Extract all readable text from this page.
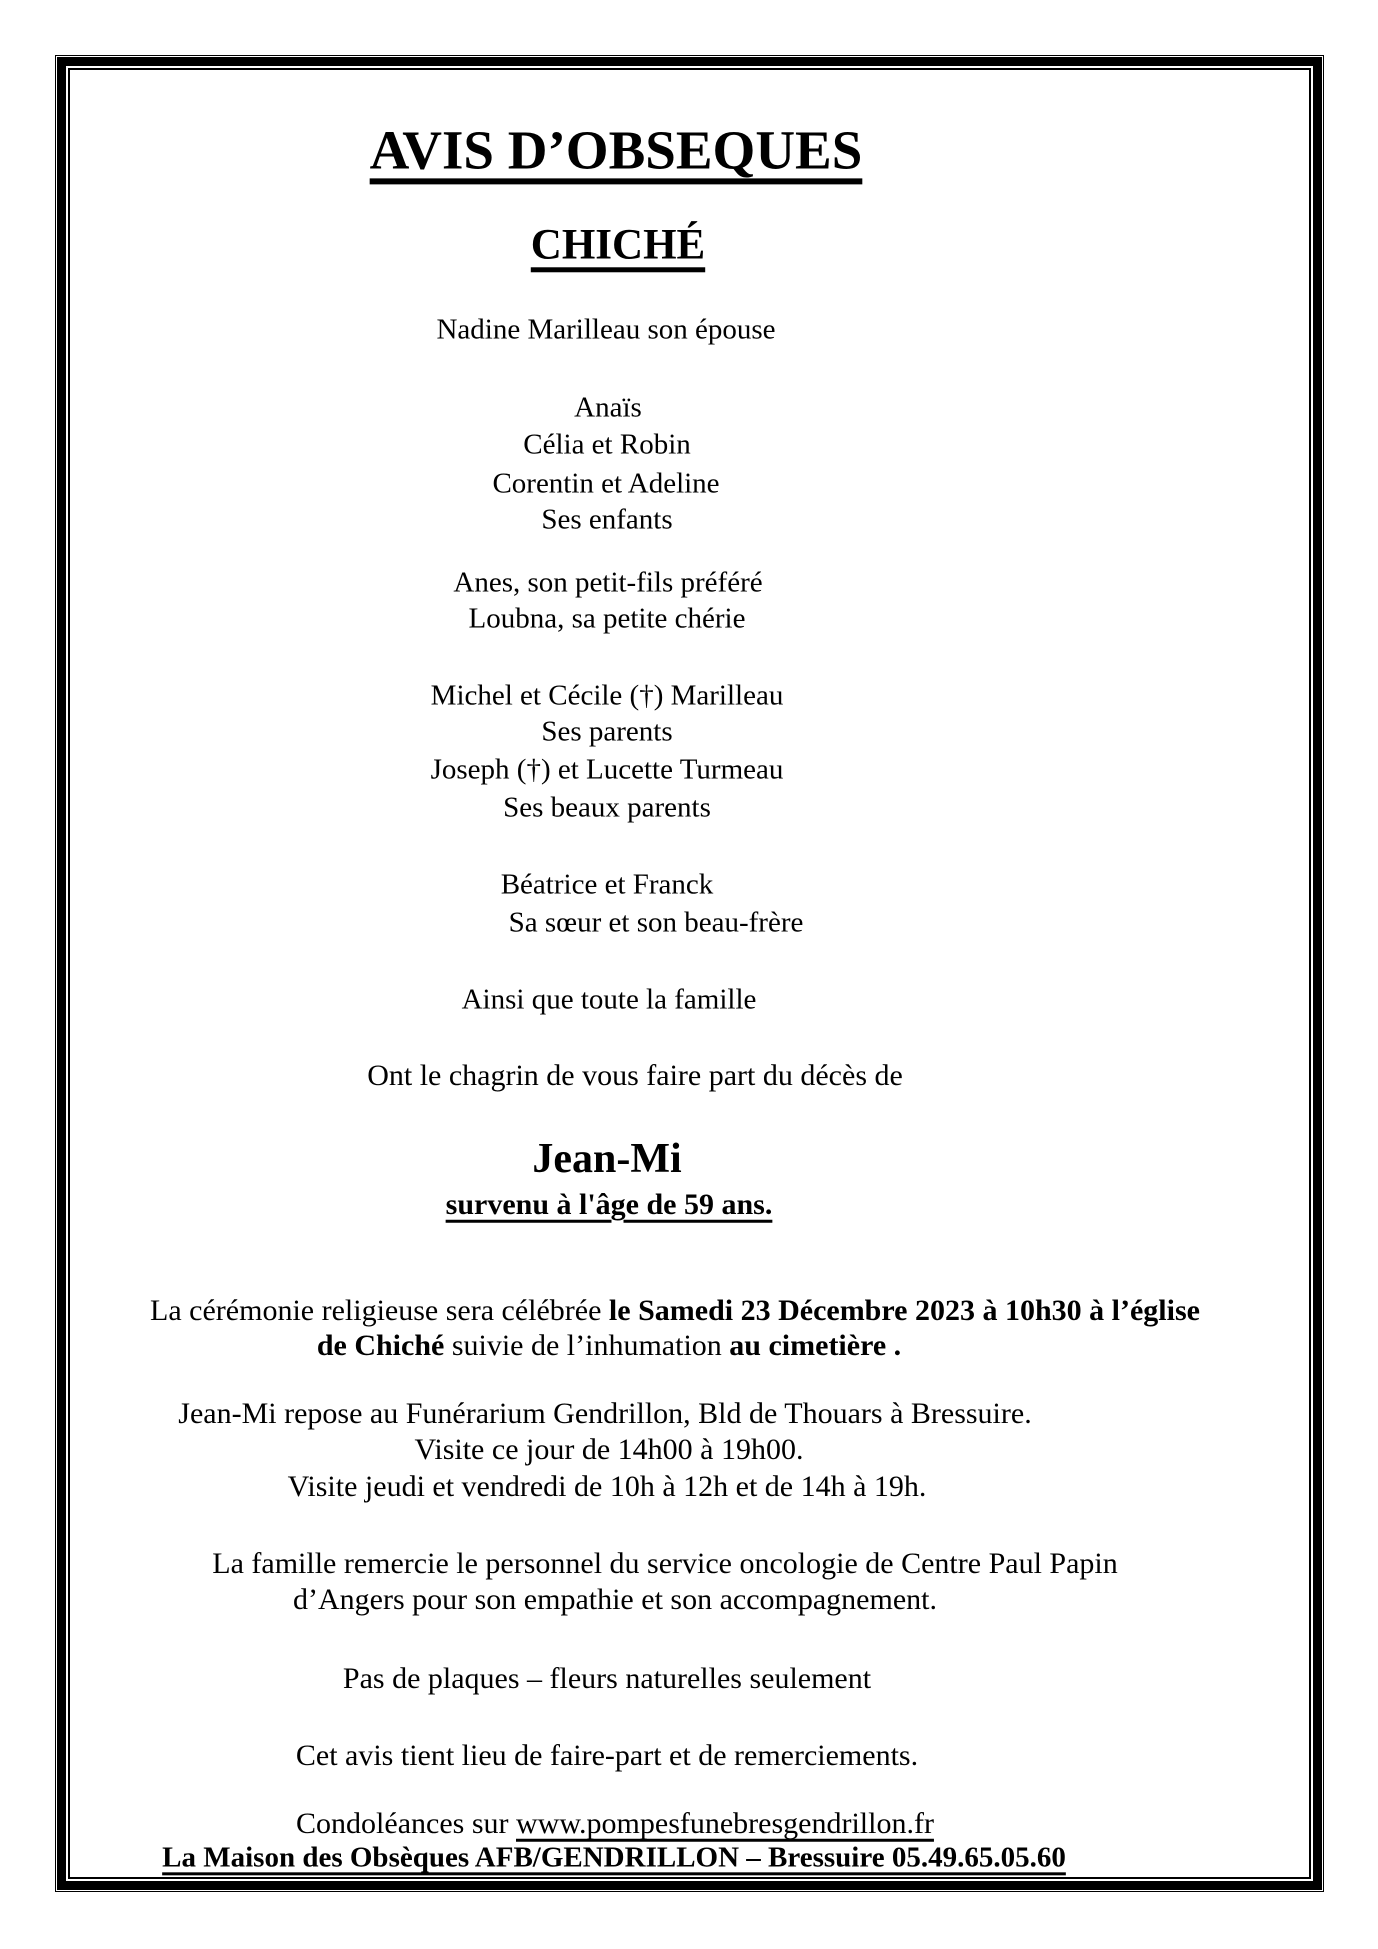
AVIS D’OBSEQUES
CHICHÉ
Nadine Marilleau son épouse
Anaïs
Célia et Robin
Corentin et Adeline
Ses enfants
Anes, son petit-fils préféré
Loubna, sa petite chérie
Michel et Cécile (†) Marilleau
Ses parents
Joseph (†) et Lucette Turmeau
Ses beaux parents
Béatrice et Franck
Sa sœur et son beau-frère
Ainsi que toute la famille
Ont le chagrin de vous faire part du décès de
Jean-Mi
survenu à l'âge de 59 ans.
La cérémonie religieuse sera célébrée le Samedi 23 Décembre 2023 à 10h30 à l’église
de Chiché suivie de l’inhumation au cimetière .
Jean-Mi repose au Funérarium Gendrillon, Bld de Thouars à Bressuire.
Visite ce jour de 14h00 à 19h00.
Visite jeudi et vendredi de 10h à 12h et de 14h à 19h.
La famille remercie le personnel du service oncologie de Centre Paul Papin
d’Angers pour son empathie et son accompagnement.
Pas de plaques – fleurs naturelles seulement
Cet avis tient lieu de faire-part et de remerciements.
Condoléances sur www.pompesfunebresgendrillon.fr
La Maison des Obsèques AFB/GENDRILLON – Bressuire 05.49.65.05.60
